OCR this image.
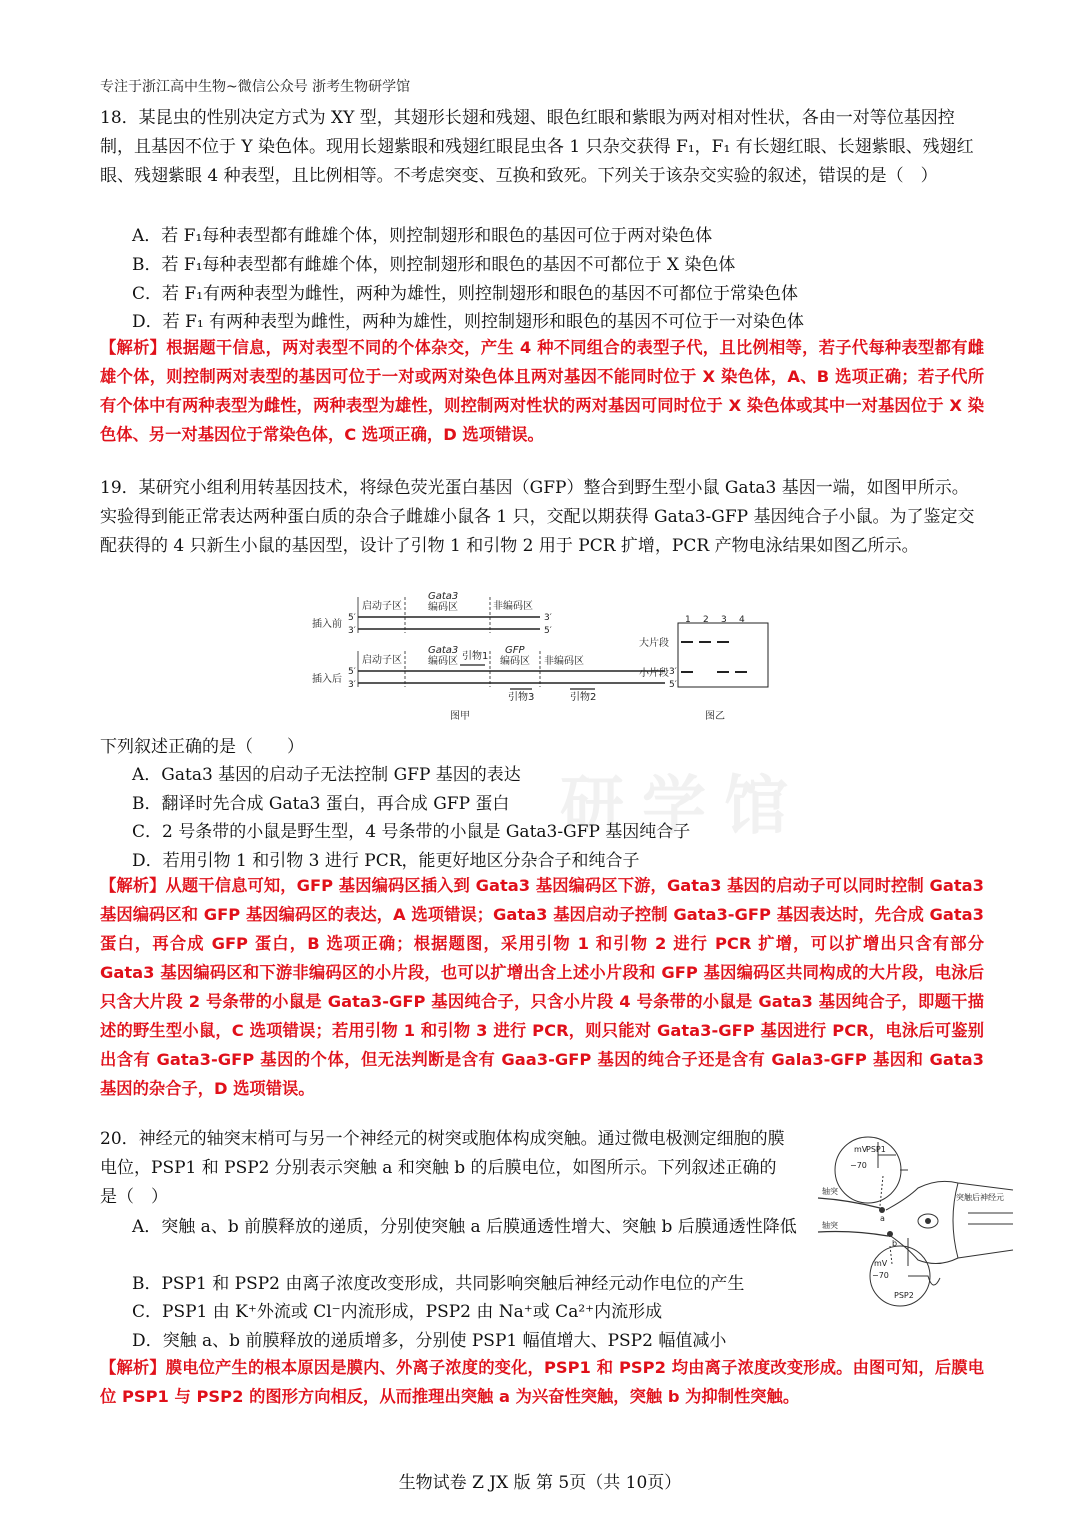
专注于浙江高中生物~微信公众号 浙考生物研学馆

18．某昆虫的性别决定方式为 XY 型，其翅形长翅和残翅、眼色红眼和紫眼为两对相对性状，各由一对等位基因控制，且基因不位于 Y 染色体。现用长翅紫眼和残翅红眼昆虫各 1 只杂交获得 F₁，F₁ 有长翅红眼、长翅紫眼、残翅红眼、残翅紫眼 4 种表型，且比例相等。不考虑突变、互换和致死。下列关于该杂交实验的叙述，错误的是（　）

A．若 F₁每种表型都有雌雄个体，则控制翅形和眼色的基因可位于两对染色体
B．若 F₁每种表型都有雌雄个体，则控制翅形和眼色的基因不可都位于 X 染色体
C．若 F₁有两种表型为雌性，两种为雄性，则控制翅形和眼色的基因不可都位于常染色体
D．若 F₁ 有两种表型为雌性，两种为雄性，则控制翅形和眼色的基因不可位于一对染色体

【解析】根据题干信息，两对表型不同的个体杂交，产生 4 种不同组合的表型子代，且比例相等，若子代每种表型都有雌雄个体，则控制两对表型的基因可位于一对或两对染色体且两对基因不能同时位于 X 染色体，A、B 选项正确；若子代所有个体中有两种表型为雌性，两种表型为雄性，则控制两对性状的两对基因可同时位于 X 染色体或其中一对基因位于 X 染色体、另一对基因位于常染色体，C 选项正确，D 选项错误。

19．某研究小组利用转基因技术，将绿色荧光蛋白基因（GFP）整合到野生型小鼠 Gata3 基因一端，如图甲所示。实验得到能正常表达两种蛋白质的杂合子雌雄小鼠各 1 只，交配以期获得 Gata3-GFP 基因纯合子小鼠。为了鉴定交配获得的 4 只新生小鼠的基因型，设计了引物 1 和引物 2 用于 PCR 扩增，PCR 产物电泳结果如图乙所示。

插入前
插入后
5′
3′
启动子区
Gata3
编码区	非编码区
3′
5′
5′
3′
启动子区
Gata3
编码区 引物1
GFP
编码区 非编码区
引物3	引物2
3′
5′
图甲
1 2 3 4
大片段
小片段
图乙
下列叙述正确的是（　　）
研学馆
A．Gata3 基因的启动子无法控制 GFP 基因的表达
B．翻译时先合成 Gata3 蛋白，再合成 GFP 蛋白
C．2 号条带的小鼠是野生型，4 号条带的小鼠是 Gata3-GFP 基因纯合子
D．若用引物 1 和引物 3 进行 PCR，能更好地区分杂合子和纯合子

【解析】从题干信息可知，GFP 基因编码区插入到 Gata3 基因编码区下游，Gata3 基因的启动子可以同时控制 Gata3 基因编码区和 GFP 基因编码区的表达，A 选项错误；Gata3 基因启动子控制 Gata3-GFP 基因表达时，先合成 Gata3 蛋白，再合成 GFP 蛋白，B 选项正确；根据题图，采用引物 1 和引物 2 进行 PCR 扩增，可以扩增出只含有部分 Gata3 基因编码区和下游非编码区的小片段，也可以扩增出含上述小片段和 GFP 基因编码区共同构成的大片段，电泳后只含大片段 2 号条带的小鼠是 Gata3-GFP 基因纯合子，只含小片段 4 号条带的小鼠是 Gata3 基因纯合子，即题干描述的野生型小鼠，C 选项错误；若用引物 1 和引物 3 进行 PCR，则只能对 Gata3-GFP 基因进行 PCR，电泳后可鉴别出含有 Gata3-GFP 基因的个体，但无法判断是含有 Gaa3-GFP 基因的纯合子还是含有 Gala3-GFP 基因和 Gata3 基因的杂合子，D 选项错误。

20．神经元的轴突末梢可与另一个神经元的树突或胞体构成突触。通过微电极测定细胞的膜电位，PSP1 和 PSP2 分别表示突触 a 和突触 b 的后膜电位，如图所示。下列叙述正确的是（　）

A．突触 a、b 前膜释放的递质，分别使突触 a 后膜通透性增大、突触 b 后膜通透性降低
B．PSP1 和 PSP2 由离子浓度改变形成，共同影响突触后神经元动作电位的产生
C．PSP1 由 K⁺外流或 Cl⁻内流形成，PSP2 由 Na⁺或 Ca²⁺内流形成
D．突触 a、b 前膜释放的递质增多，分别使 PSP1 幅值增大、PSP2 幅值减小
mV
−70
PSP1
轴突
轴突
突触后神经元
a
b
mV
−70
PSP2

【解析】膜电位产生的根本原因是膜内、外离子浓度的变化，PSP1 和 PSP2 均由离子浓度改变形成。由图可知，后膜电位 PSP1 与 PSP2 的图形方向相反，从而推理出突触 a 为兴奋性突触，突触 b 为抑制性突触。

生物试卷 Z JX 版 第 5页（共 10页）
